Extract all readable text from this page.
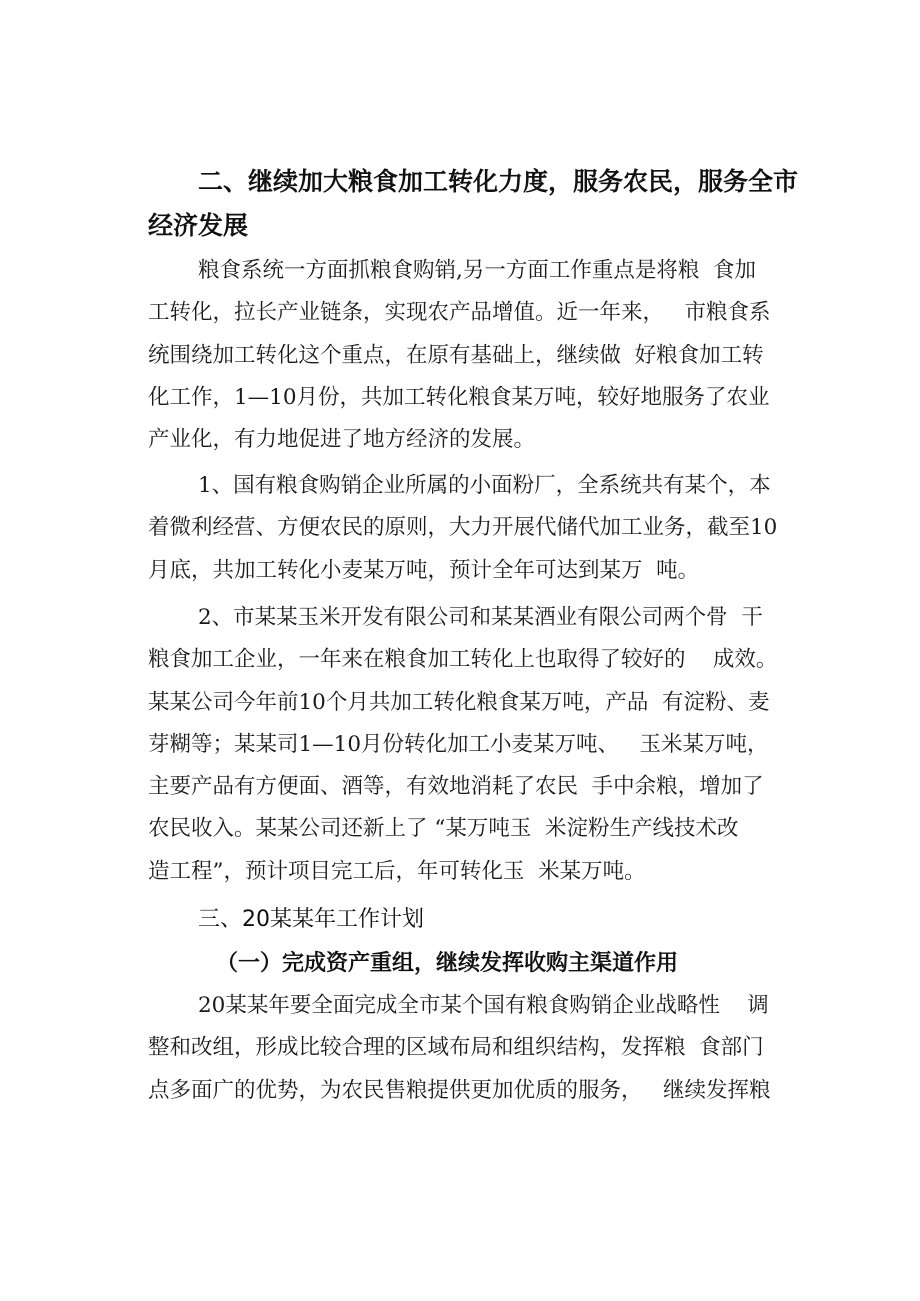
二、继续加大粮食加工转化力度，服务农民，服务全市
经济发展
粮食系统一方面抓粮食购销,另一方面工作重点是将粮  食加
工转化，拉长产业链条，实现农产品增值。近一年来，   市粮食系
统围绕加工转化这个重点，在原有基础上，继续做  好粮食加工转
化工作，1—10月份，共加工转化粮食某万吨，较好地服务了农业
产业化，有力地促进了地方经济的发展。
1、国有粮食购销企业所属的小面粉厂，全系统共有某个，本
着微利经营、方便农民的原则，大力开展代储代加工业务，截至10
月底，共加工转化小麦某万吨，预计全年可达到某万  吨。
2、市某某玉米开发有限公司和某某酒业有限公司两个骨  干
粮食加工企业，一年来在粮食加工转化上也取得了较好的    成效。
某某公司今年前10个月共加工转化粮食某万吨，产品  有淀粉、麦
芽糊等；某某司1—10月份转化加工小麦某万吨、   玉米某万吨，
主要产品有方便面、酒等，有效地消耗了农民  手中余粮，增加了
农民收入。某某公司还新上了 “某万吨玉  米淀粉生产线技术改
造工程”，预计项目完工后，年可转化玉  米某万吨。
三、20某某年工作计划
（一）完成资产重组，继续发挥收购主渠道作用
20某某年要全面完成全市某个国有粮食购销企业战略性    调
整和改组，形成比较合理的区域布局和组织结构，发挥粮  食部门
点多面广的优势，为农民售粮提供更加优质的服务，   继续发挥粮
